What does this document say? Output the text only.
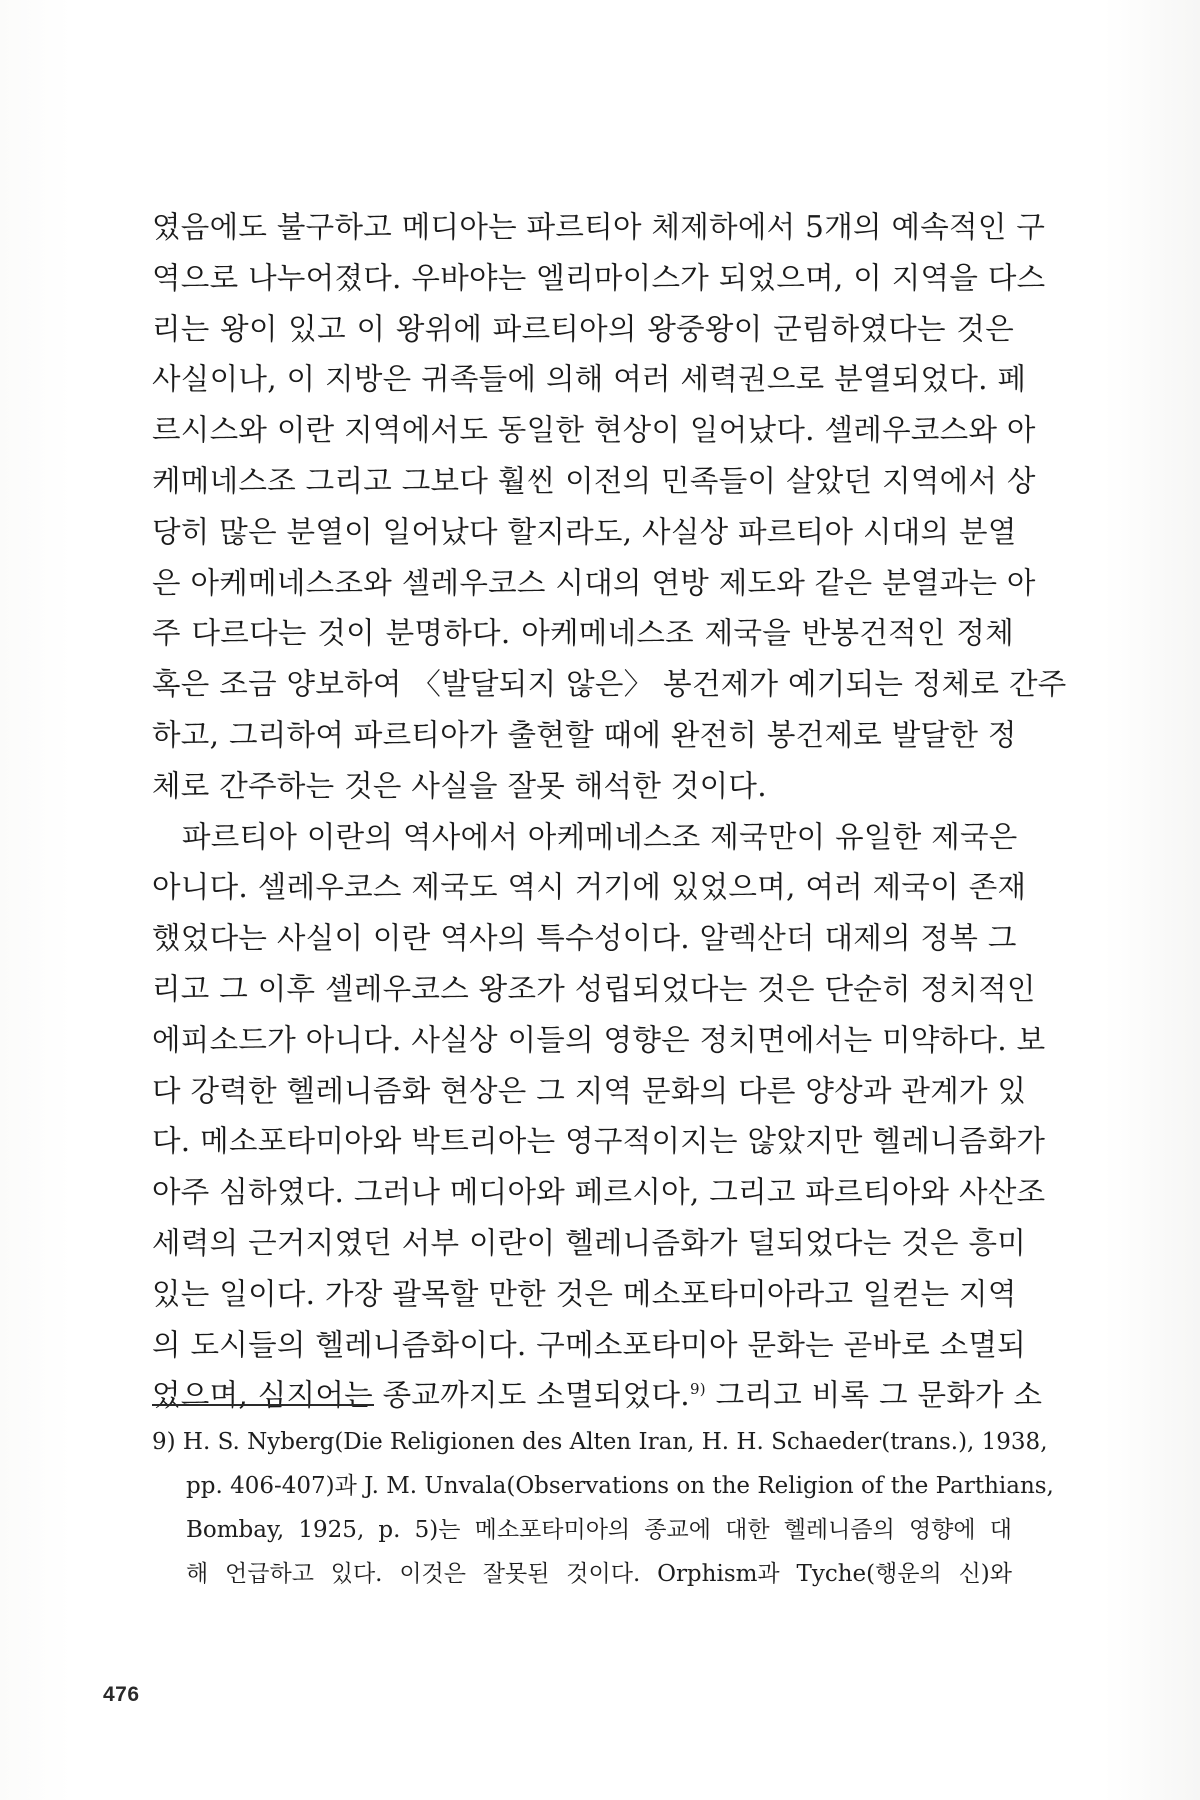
였음에도 불구하고 메디아는 파르티아 체제하에서 5개의 예속적인 구
역으로 나누어졌다. 우바야는 엘리마이스가 되었으며, 이 지역을 다스
리는 왕이 있고 이 왕위에 파르티아의 왕중왕이 군림하였다는 것은
사실이나, 이 지방은 귀족들에 의해 여러 세력권으로 분열되었다. 페
르시스와 이란 지역에서도 동일한 현상이 일어났다. 셀레우코스와 아
케메네스조 그리고 그보다 훨씬 이전의 민족들이 살았던 지역에서 상
당히 많은 분열이 일어났다 할지라도, 사실상 파르티아 시대의 분열
은 아케메네스조와 셀레우코스 시대의 연방 제도와 같은 분열과는 아
주 다르다는 것이 분명하다. 아케메네스조 제국을 반봉건적인 정체
혹은 조금 양보하여 〈발달되지 않은〉 봉건제가 예기되는 정체로 간주
하고, 그리하여 파르티아가 출현할 때에 완전히 봉건제로 발달한 정
체로 간주하는 것은 사실을 잘못 해석한 것이다.

파르티아 이란의 역사에서 아케메네스조 제국만이 유일한 제국은
아니다. 셀레우코스 제국도 역시 거기에 있었으며, 여러 제국이 존재
했었다는 사실이 이란 역사의 특수성이다. 알렉산더 대제의 정복 그
리고 그 이후 셀레우코스 왕조가 성립되었다는 것은 단순히 정치적인
에피소드가 아니다. 사실상 이들의 영향은 정치면에서는 미약하다. 보
다 강력한 헬레니즘화 현상은 그 지역 문화의 다른 양상과 관계가 있
다. 메소포타미아와 박트리아는 영구적이지는 않았지만 헬레니즘화가
아주 심하였다. 그러나 메디아와 페르시아, 그리고 파르티아와 사산조
세력의 근거지였던 서부 이란이 헬레니즘화가 덜되었다는 것은 흥미
있는 일이다. 가장 괄목할 만한 것은 메소포타미아라고 일컫는 지역
의 도시들의 헬레니즘화이다. 구메소포타미아 문화는 곧바로 소멸되
었으며, 심지어는 종교까지도 소멸되었다.$^{9)}$ 그리고 비록 그 문화가 소

9) H. S. Nyberg(Die Religionen des Alten Iran, H. H. Schaeder(trans.), 1938,
pp. 406-407)과 J. M. Unvala(Observations on the Religion of the Parthians,
Bombay, 1925, p. 5)는 메소포타미아의 종교에 대한 헬레니즘의 영향에 대
해 언급하고 있다. 이것은 잘못된 것이다. Orphism과 Tyche(행운의 신)와
476
